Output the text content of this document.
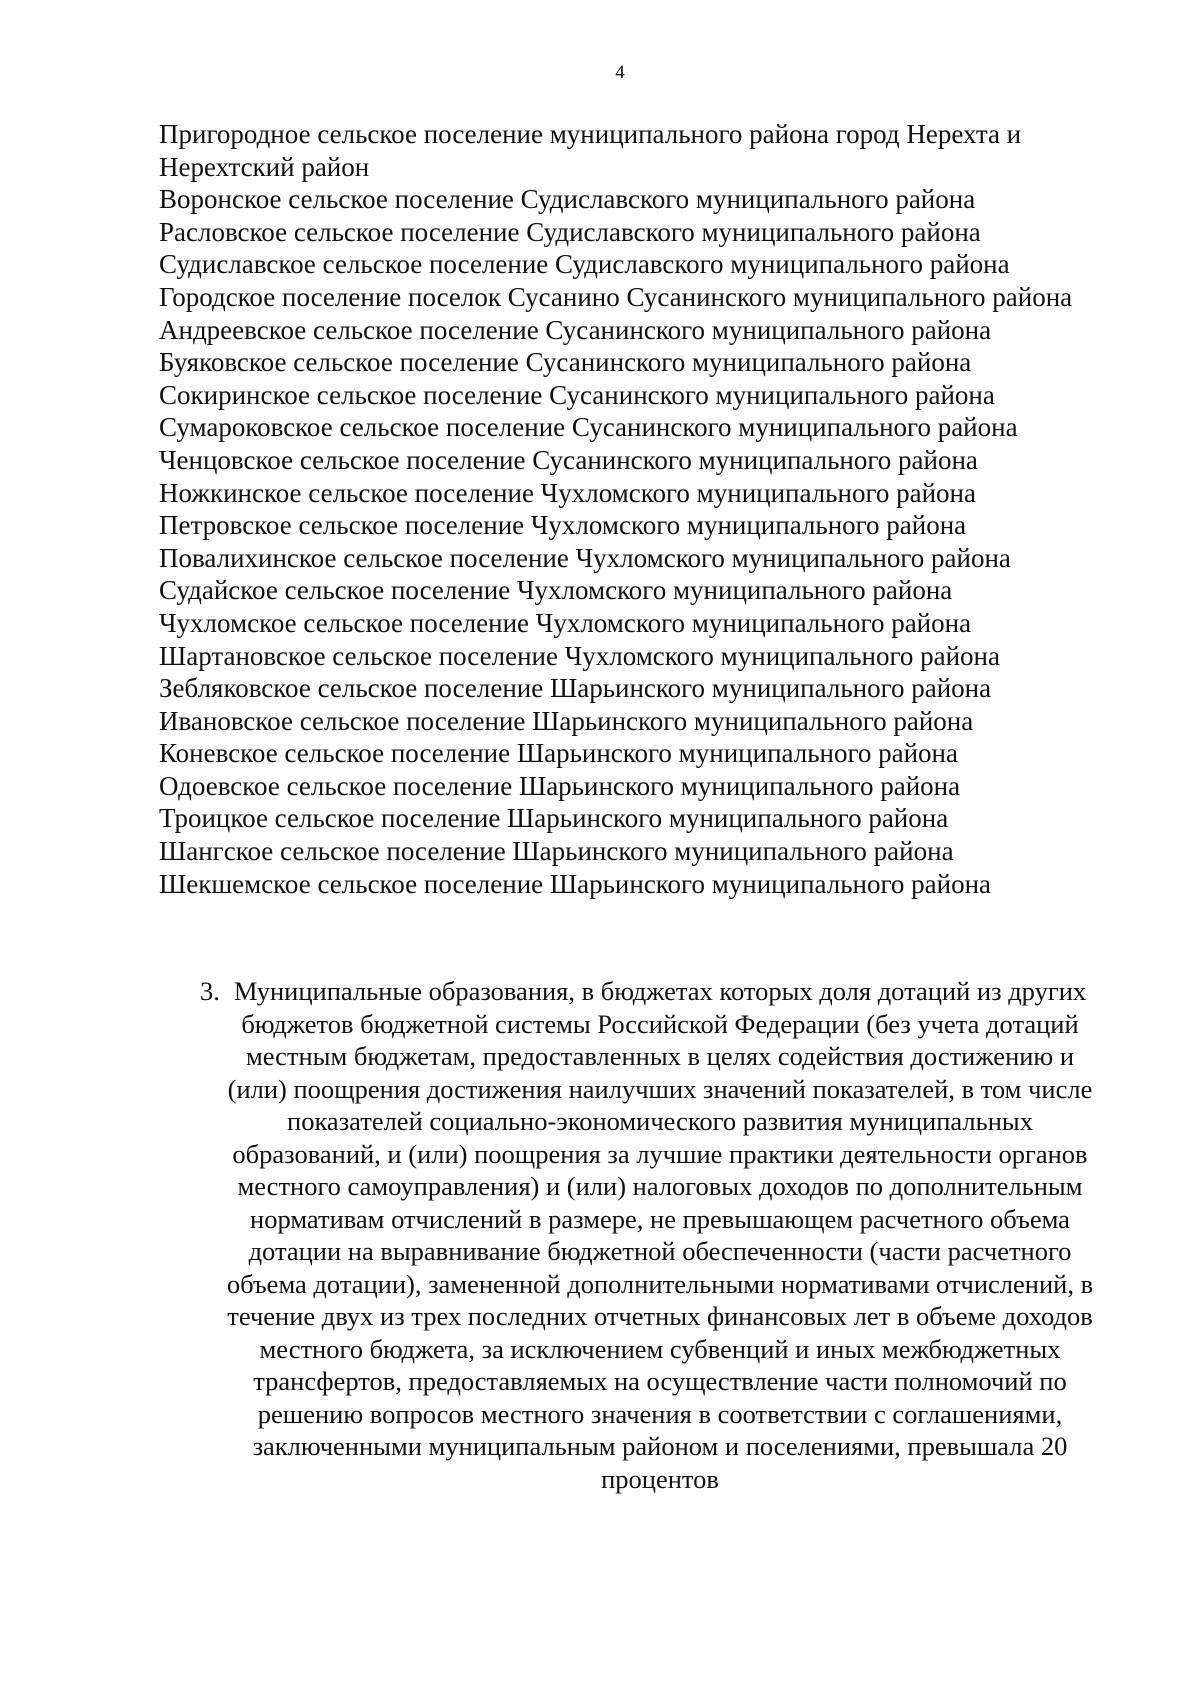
4
Пригородное сельское поселение муниципального района город Нерехта и Нерехтский район
Воронское сельское поселение Судиславского муниципального района
Расловское сельское поселение Судиславского муниципального района
Судиславское сельское поселение Судиславского муниципального района
Городское поселение поселок Сусанино Сусанинского муниципального района
Андреевское сельское поселение Сусанинского муниципального района
Буяковское сельское поселение Сусанинского муниципального района
Сокиринское сельское поселение Сусанинского муниципального района
Сумароковское сельское поселение Сусанинского муниципального района
Ченцовское сельское поселение Сусанинского муниципального района
Ножкинское сельское поселение Чухломского муниципального района
Петровское сельское поселение Чухломского муниципального района
Повалихинское сельское поселение Чухломского муниципального района
Судайское сельское поселение Чухломского муниципального района
Чухломское сельское поселение Чухломского муниципального района
Шартановское сельское поселение Чухломского муниципального района
Зебляковское сельское поселение Шарьинского муниципального района
Ивановское сельское поселение Шарьинского муниципального района
Коневское сельское поселение Шарьинского муниципального района
Одоевское сельское поселение Шарьинского муниципального района
Троицкое сельское поселение Шарьинского муниципального района
Шангское сельское поселение Шарьинского муниципального района
Шекшемское сельское поселение Шарьинского муниципального района
3. Муниципальные образования, в бюджетах которых доля дотаций из других бюджетов бюджетной системы Российской Федерации (без учета дотаций местным бюджетам, предоставленных в целях содействия достижению и (или) поощрения достижения наилучших значений показателей, в том числе показателей социально-экономического развития муниципальных образований, и (или) поощрения за лучшие практики деятельности органов местного самоуправления) и (или) налоговых доходов по дополнительным нормативам отчислений в размере, не превышающем расчетного объема дотации на выравнивание бюджетной обеспеченности (части расчетного объема дотации), замененной дополнительными нормативами отчислений, в течение двух из трех последних отчетных финансовых лет в объеме доходов местного бюджета, за исключением субвенций и иных межбюджетных трансфертов, предоставляемых на осуществление части полномочий по решению вопросов местного значения в соответствии с соглашениями, заключенными муниципальным районом и поселениями, превышала 20 процентов
